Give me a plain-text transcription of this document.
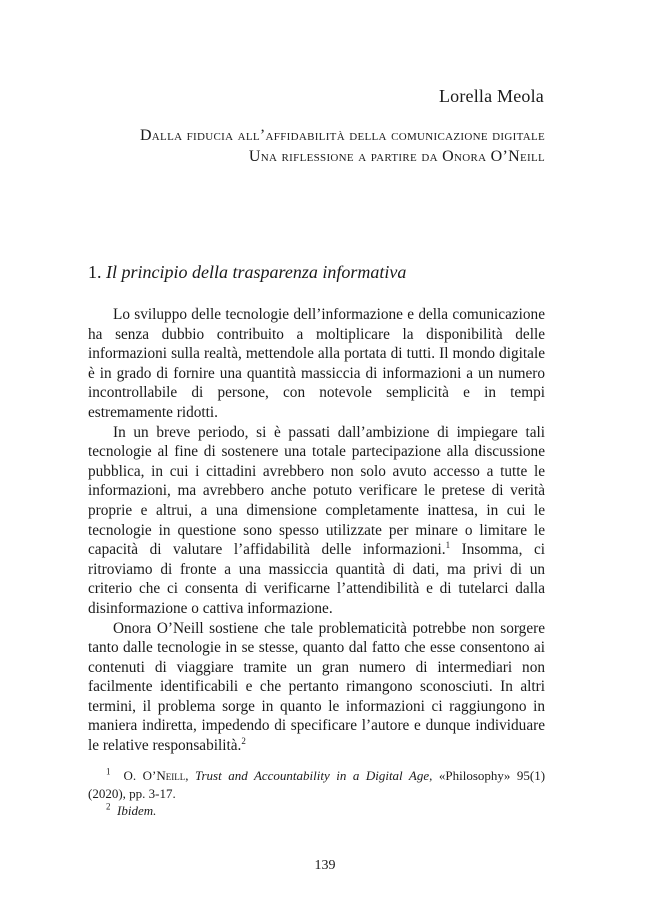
Lorella Meola
Dalla fiducia all’affidabilità della comunicazione digitale
Una riflessione a partire da Onora O’Neill
1. Il principio della trasparenza informativa

Lo sviluppo delle tecnologie dell’informazione e della comunicazione ha senza dubbio contribuito a moltiplicare la disponibilità delle informazioni sulla realtà, mettendole alla portata di tutti. Il mondo digitale è in grado di fornire una quantità massiccia di informazioni a un numero incontrollabile di persone, con notevole semplicità e in tempi estremamente ridotti.

In un breve periodo, si è passati dall’ambizione di impiegare tali tecnologie al fine di sostenere una totale partecipazione alla discussione pubblica, in cui i cittadini avrebbero non solo avuto accesso a tutte le informazioni, ma avrebbero anche potuto verificare le pretese di verità proprie e altrui, a una dimensione completamente inattesa, in cui le tecnologie in questione sono spesso utilizzate per minare o limitare le capacità di valutare l’affidabilità delle informazioni.$^1$ Insomma, ci ritroviamo di fronte a una massiccia quantità di dati, ma privi di un criterio che ci consenta di verificarne l’attendibilità e di tutelarci dalla disinformazione o cattiva informazione.

Onora O’Neill sostiene che tale problematicità potrebbe non sorgere tanto dalle tecnologie in se stesse, quanto dal fatto che esse consentono ai contenuti di viaggiare tramite un gran numero di intermediari non facilmente identificabili e che pertanto rimangono sconosciuti. In altri termini, il problema sorge in quanto le informazioni ci raggiungono in maniera indiretta, impedendo di specificare l’autore e dunque individuare le relative responsabilità.$^2$

$^1$ O. O’Neill, Trust and Accountability in a Digital Age, «Philosophy» 95(1) (2020), pp. 3-17.

$^2$ Ibidem.

139
